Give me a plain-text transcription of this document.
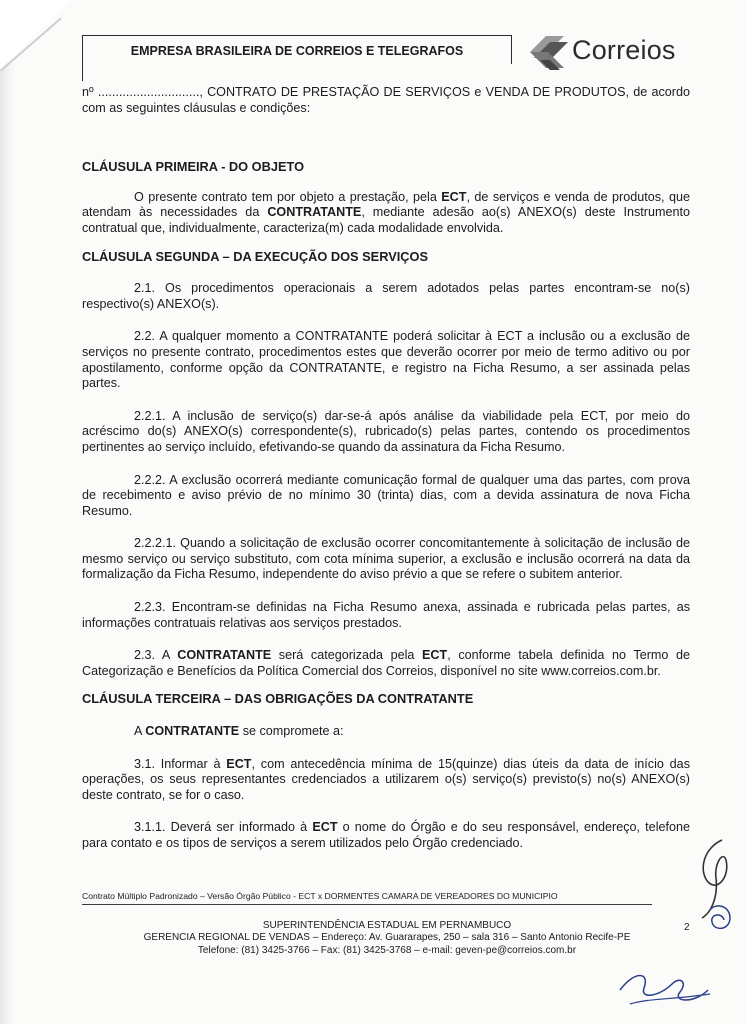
EMPRESA BRASILEIRA DE CORREIOS E TELEGRAFOS	Correios

nº ............................., CONTRATO DE PRESTAÇÃO DE SERVIÇOS e VENDA DE PRODUTOS, de acordo com as seguintes cláusulas e condições:

CLÁUSULA PRIMEIRA - DO OBJETO

O presente contrato tem por objeto a prestação, pela ECT, de serviços e venda de produtos, que atendam às necessidades da CONTRATANTE, mediante adesão ao(s) ANEXO(s) deste Instrumento contratual que, individualmente, caracteriza(m) cada modalidade envolvida.

CLÁUSULA SEGUNDA – DA EXECUÇÃO DOS SERVIÇOS

2.1. Os procedimentos operacionais a serem adotados pelas partes encontram-se no(s) respectivo(s) ANEXO(s).

2.2. A qualquer momento a CONTRATANTE poderá solicitar à ECT a inclusão ou a exclusão de serviços no presente contrato, procedimentos estes que deverão ocorrer por meio de termo aditivo ou por apostilamento, conforme opção da CONTRATANTE, e registro na Ficha Resumo, a ser assinada pelas partes.

2.2.1. A inclusão de serviço(s) dar-se-á após análise da viabilidade pela ECT, por meio do acréscimo do(s) ANEXO(s) correspondente(s), rubricado(s) pelas partes, contendo os procedimentos pertinentes ao serviço incluído, efetivando-se quando da assinatura da Ficha Resumo.

2.2.2. A exclusão ocorrerá mediante comunicação formal de qualquer uma das partes, com prova de recebimento e aviso prévio de no mínimo 30 (trinta) dias, com a devida assinatura de nova Ficha Resumo.

2.2.2.1. Quando a solicitação de exclusão ocorrer concomitantemente à solicitação de inclusão de mesmo serviço ou serviço substituto, com cota mínima superior, a exclusão e inclusão ocorrerá na data da formalização da Ficha Resumo, independente do aviso prévio a que se refere o subitem anterior.

2.2.3. Encontram-se definidas na Ficha Resumo anexa, assinada e rubricada pelas partes, as informações contratuais relativas aos serviços prestados.

2.3. A CONTRATANTE será categorizada pela ECT, conforme tabela definida no Termo de Categorização e Benefícios da Política Comercial dos Correios, disponível no site www.correios.com.br.

CLÁUSULA TERCEIRA – DAS OBRIGAÇÕES DA CONTRATANTE

A CONTRATANTE se compromete a:

3.1. Informar à ECT, com antecedência mínima de 15(quinze) dias úteis da data de início das operações, os seus representantes credenciados a utilizarem o(s) serviço(s) previsto(s) no(s) ANEXO(s) deste contrato, se for o caso.

3.1.1. Deverá ser informado à ECT o nome do Órgão e do seu responsável, endereço, telefone para contato e os tipos de serviços a serem utilizados pelo Órgão credenciado.

Contrato Múltiplo Padronizado – Versão Órgão Público - ECT x DORMENTES CAMARA DE VEREADORES DO MUNICIPIO
SUPERINTENDÊNCIA ESTADUAL EM PERNAMBUCO
GERENCIA REGIONAL DE VENDAS – Endereço: Av. Guararapes, 250 – sala 316 – Santo Antonio Recife-PE
Telefone: (81) 3425-3766 – Fax: (81) 3425-3768 – e-mail: geven-pe@correios.com.br
2
